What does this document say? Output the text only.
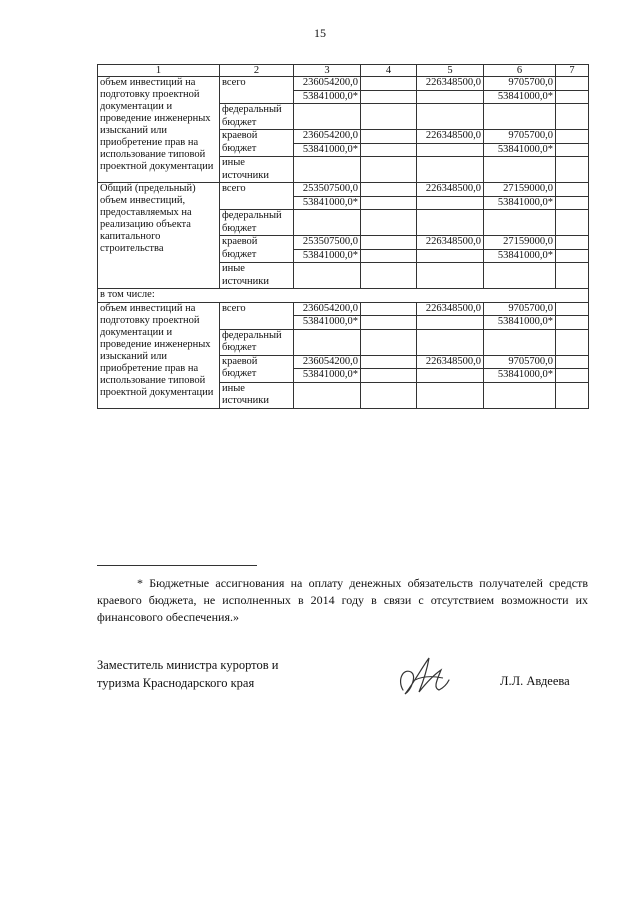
15
1	2	3	4	5	6	7
объем инвестиций на подготовку проектной документации и проведение инженерных изысканий или приобретение прав на использование типовой проектной документации	всего	236054200,0		226348500,0	9705700,0	
		53841000,0*			53841000,0*	
	федеральный бюджет					
	краевой бюджет	236054200,0		226348500,0	9705700,0	
		53841000,0*			53841000,0*	
	иные источники					
Общий (предельный) объем инвестиций, предоставляемых на реализацию объекта капитального строительства	всего	253507500,0		226348500,0	27159000,0	
		53841000,0*			53841000,0*	
	федеральный бюджет					
	краевой бюджет	253507500,0		226348500,0	27159000,0	
		53841000,0*			53841000,0*	
	иные источники					
в том числе:						
объем инвестиций на подготовку проектной документации и проведение инженерных изысканий или приобретение прав на использование типовой проектной документации	всего	236054200,0		226348500,0	9705700,0	
		53841000,0*			53841000,0*	
	федеральный бюджет					
	краевой бюджет	236054200,0		226348500,0	9705700,0	
		53841000,0*			53841000,0*	
	иные источники					
* Бюджетные ассигнования на оплату денежных обязательств получателей средств краевого бюджета, не исполненных в 2014 году в связи с отсутствием возможности их финансового обеспечения.»
Заместитель министра курортов и
туризма Краснодарского края	Л.Л. Авдеева
